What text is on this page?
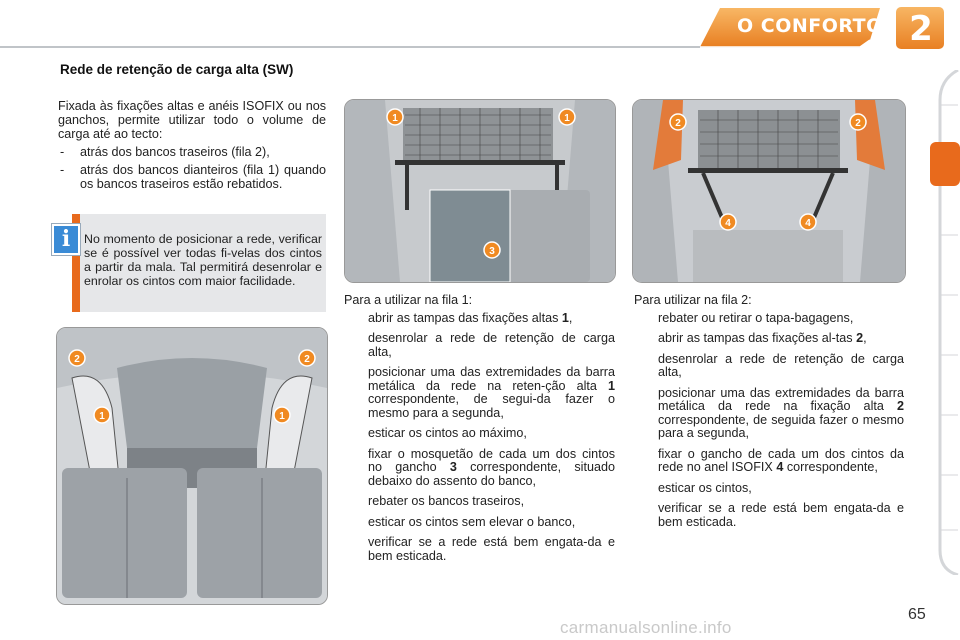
O CONFORTO 2
Rede de retenção de carga alta (SW)

Fixada às fixações altas e anéis ISOFIX ou nos ganchos, permite utilizar todo o volume de carga até ao tecto:

- atrás dos bancos traseiros (fila 2),
- atrás dos bancos dianteiros (fila 1) quando os bancos traseiros estão rebatidos.
i	No momento de posicionar a rede, verificar se é possível ver todas fi-velas dos cintos a partir da mala. Tal permitirá desenrolar e enrolar os cintos com maior facilidade.
1	1
3
2	2
4	4
2	2
1	1

Para a utilizar na fila 1:

abrir as tampas das fixações altas 1,
desenrolar a rede de retenção de carga alta,
posicionar uma das extremidades da barra metálica da rede na reten-ção alta 1 correspondente, de segui-da fazer o mesmo para a segunda,
esticar os cintos ao máximo,
fixar o mosquetão de cada um dos cintos no gancho 3 correspondente, situado debaixo do assento do banco,
rebater os bancos traseiros,
esticar os cintos sem elevar o banco,
verificar se a rede está bem engata-da e bem esticada.

Para utilizar na fila 2:

rebater ou retirar o tapa-bagagens,
abrir as tampas das fixações al-tas 2,
desenrolar a rede de retenção de carga alta,
posicionar uma das extremidades da barra metálica da rede na fixação alta 2 correspondente, de seguida fazer o mesmo para a segunda,
fixar o gancho de cada um dos cintos da rede no anel ISOFIX 4 correspondente,
esticar os cintos,
verificar se a rede está bem engata-da e bem esticada.
65
carmanualsonline.info
